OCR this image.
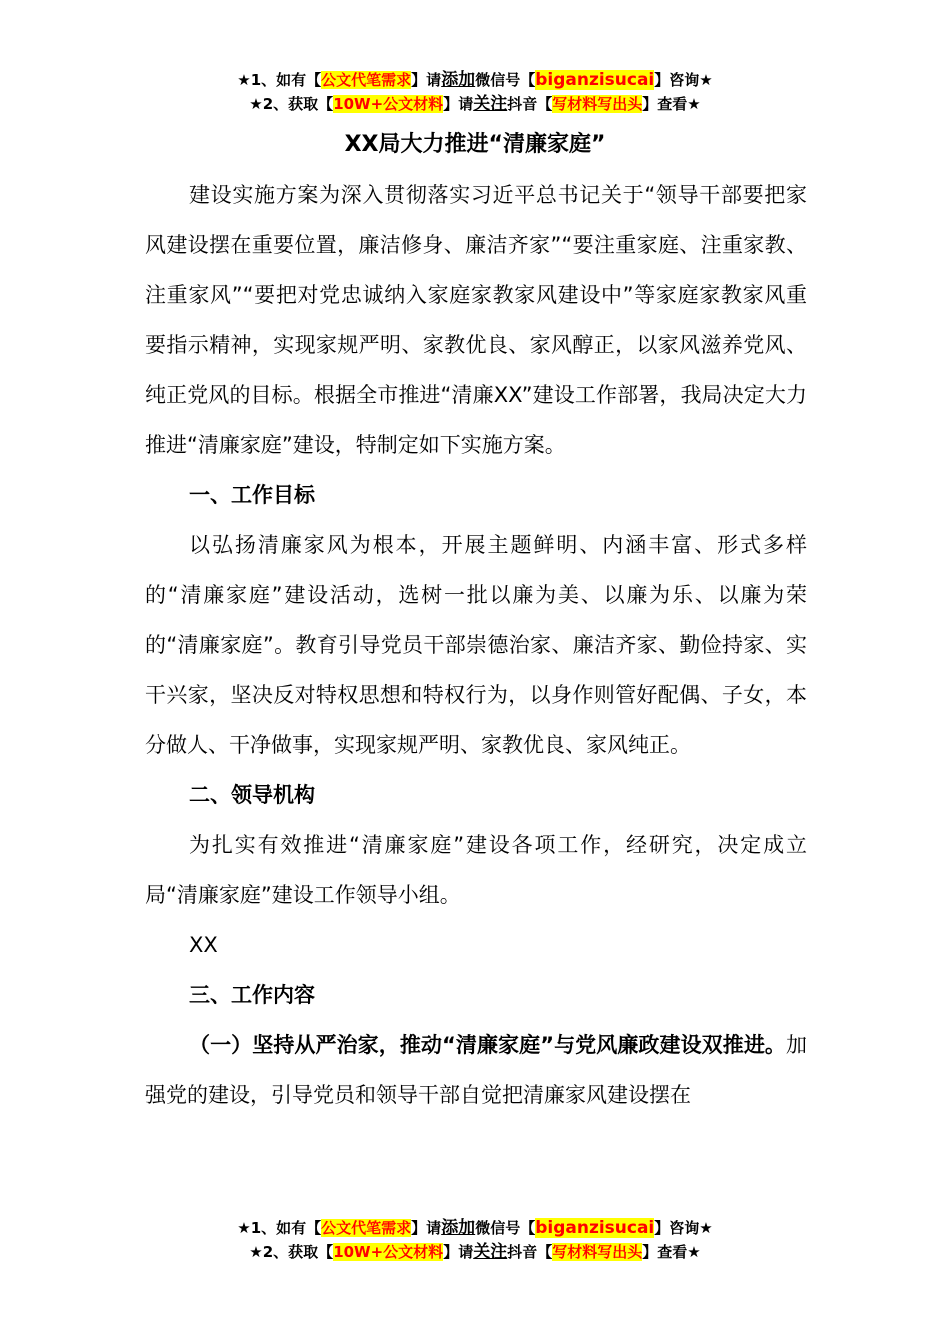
★1、如有【公文代笔需求】请添加微信号【biganzisucai】咨询★
★2、获取【10W+公文材料】请关注抖音【写材料写出头】查看★
XX局大力推进“清廉家庭”

建设实施方案为深入贯彻落实习近平总书记关于“领导干部要把家风建设摆在重要位置，廉洁修身、廉洁齐家”“要注重家庭、注重家教、注重家风”“要把对党忠诚纳入家庭家教家风建设中”等家庭家教家风重要指示精神，实现家规严明、家教优良、家风醇正，以家风滋养党风、纯正党风的目标。根据全市推进“清廉XX”建设工作部署，我局决定大力推进“清廉家庭”建设，特制定如下实施方案。

一、工作目标

以弘扬清廉家风为根本，开展主题鲜明、内涵丰富、形式多样的“清廉家庭”建设活动，选树一批以廉为美、以廉为乐、以廉为荣的“清廉家庭”。教育引导党员干部崇德治家、廉洁齐家、勤俭持家、实干兴家，坚决反对特权思想和特权行为，以身作则管好配偶、子女，本分做人、干净做事，实现家规严明、家教优良、家风纯正。

二、领导机构

为扎实有效推进“清廉家庭”建设各项工作，经研究，决定成立局“清廉家庭”建设工作领导小组。

XX

三、工作内容

（一）坚持从严治家，推动“清廉家庭”与党风廉政建设双推进。加强党的建设，引导党员和领导干部自觉把清廉家风建设摆在

★1、如有【公文代笔需求】请添加微信号【biganzisucai】咨询★
★2、获取【10W+公文材料】请关注抖音【写材料写出头】查看★
